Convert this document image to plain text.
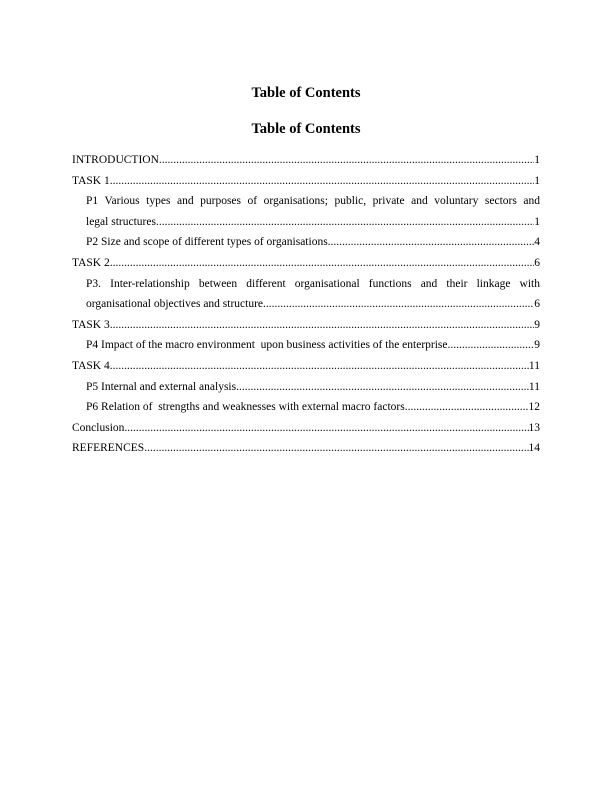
Table of Contents
Table of Contents
INTRODUCTION .....	1
TASK 1 .....	1
P1 Various types and purposes of organisations; public, private and voluntary sectors and
legal structures .....	1
P2 Size and scope of different types of organisations .....	4
TASK 2 .....	6
P3. Inter-relationship between different organisational functions and their linkage with
organisational objectives and structure .....	6
TASK 3 .....	9
P4 Impact of the macro environment  upon business activities of the enterprise .....	9
TASK 4 .....	11
P5 Internal and external analysis .....	11
P6 Relation of  strengths and weaknesses with external macro factors .....	12
Conclusion .....	13
REFERENCES .....	14
